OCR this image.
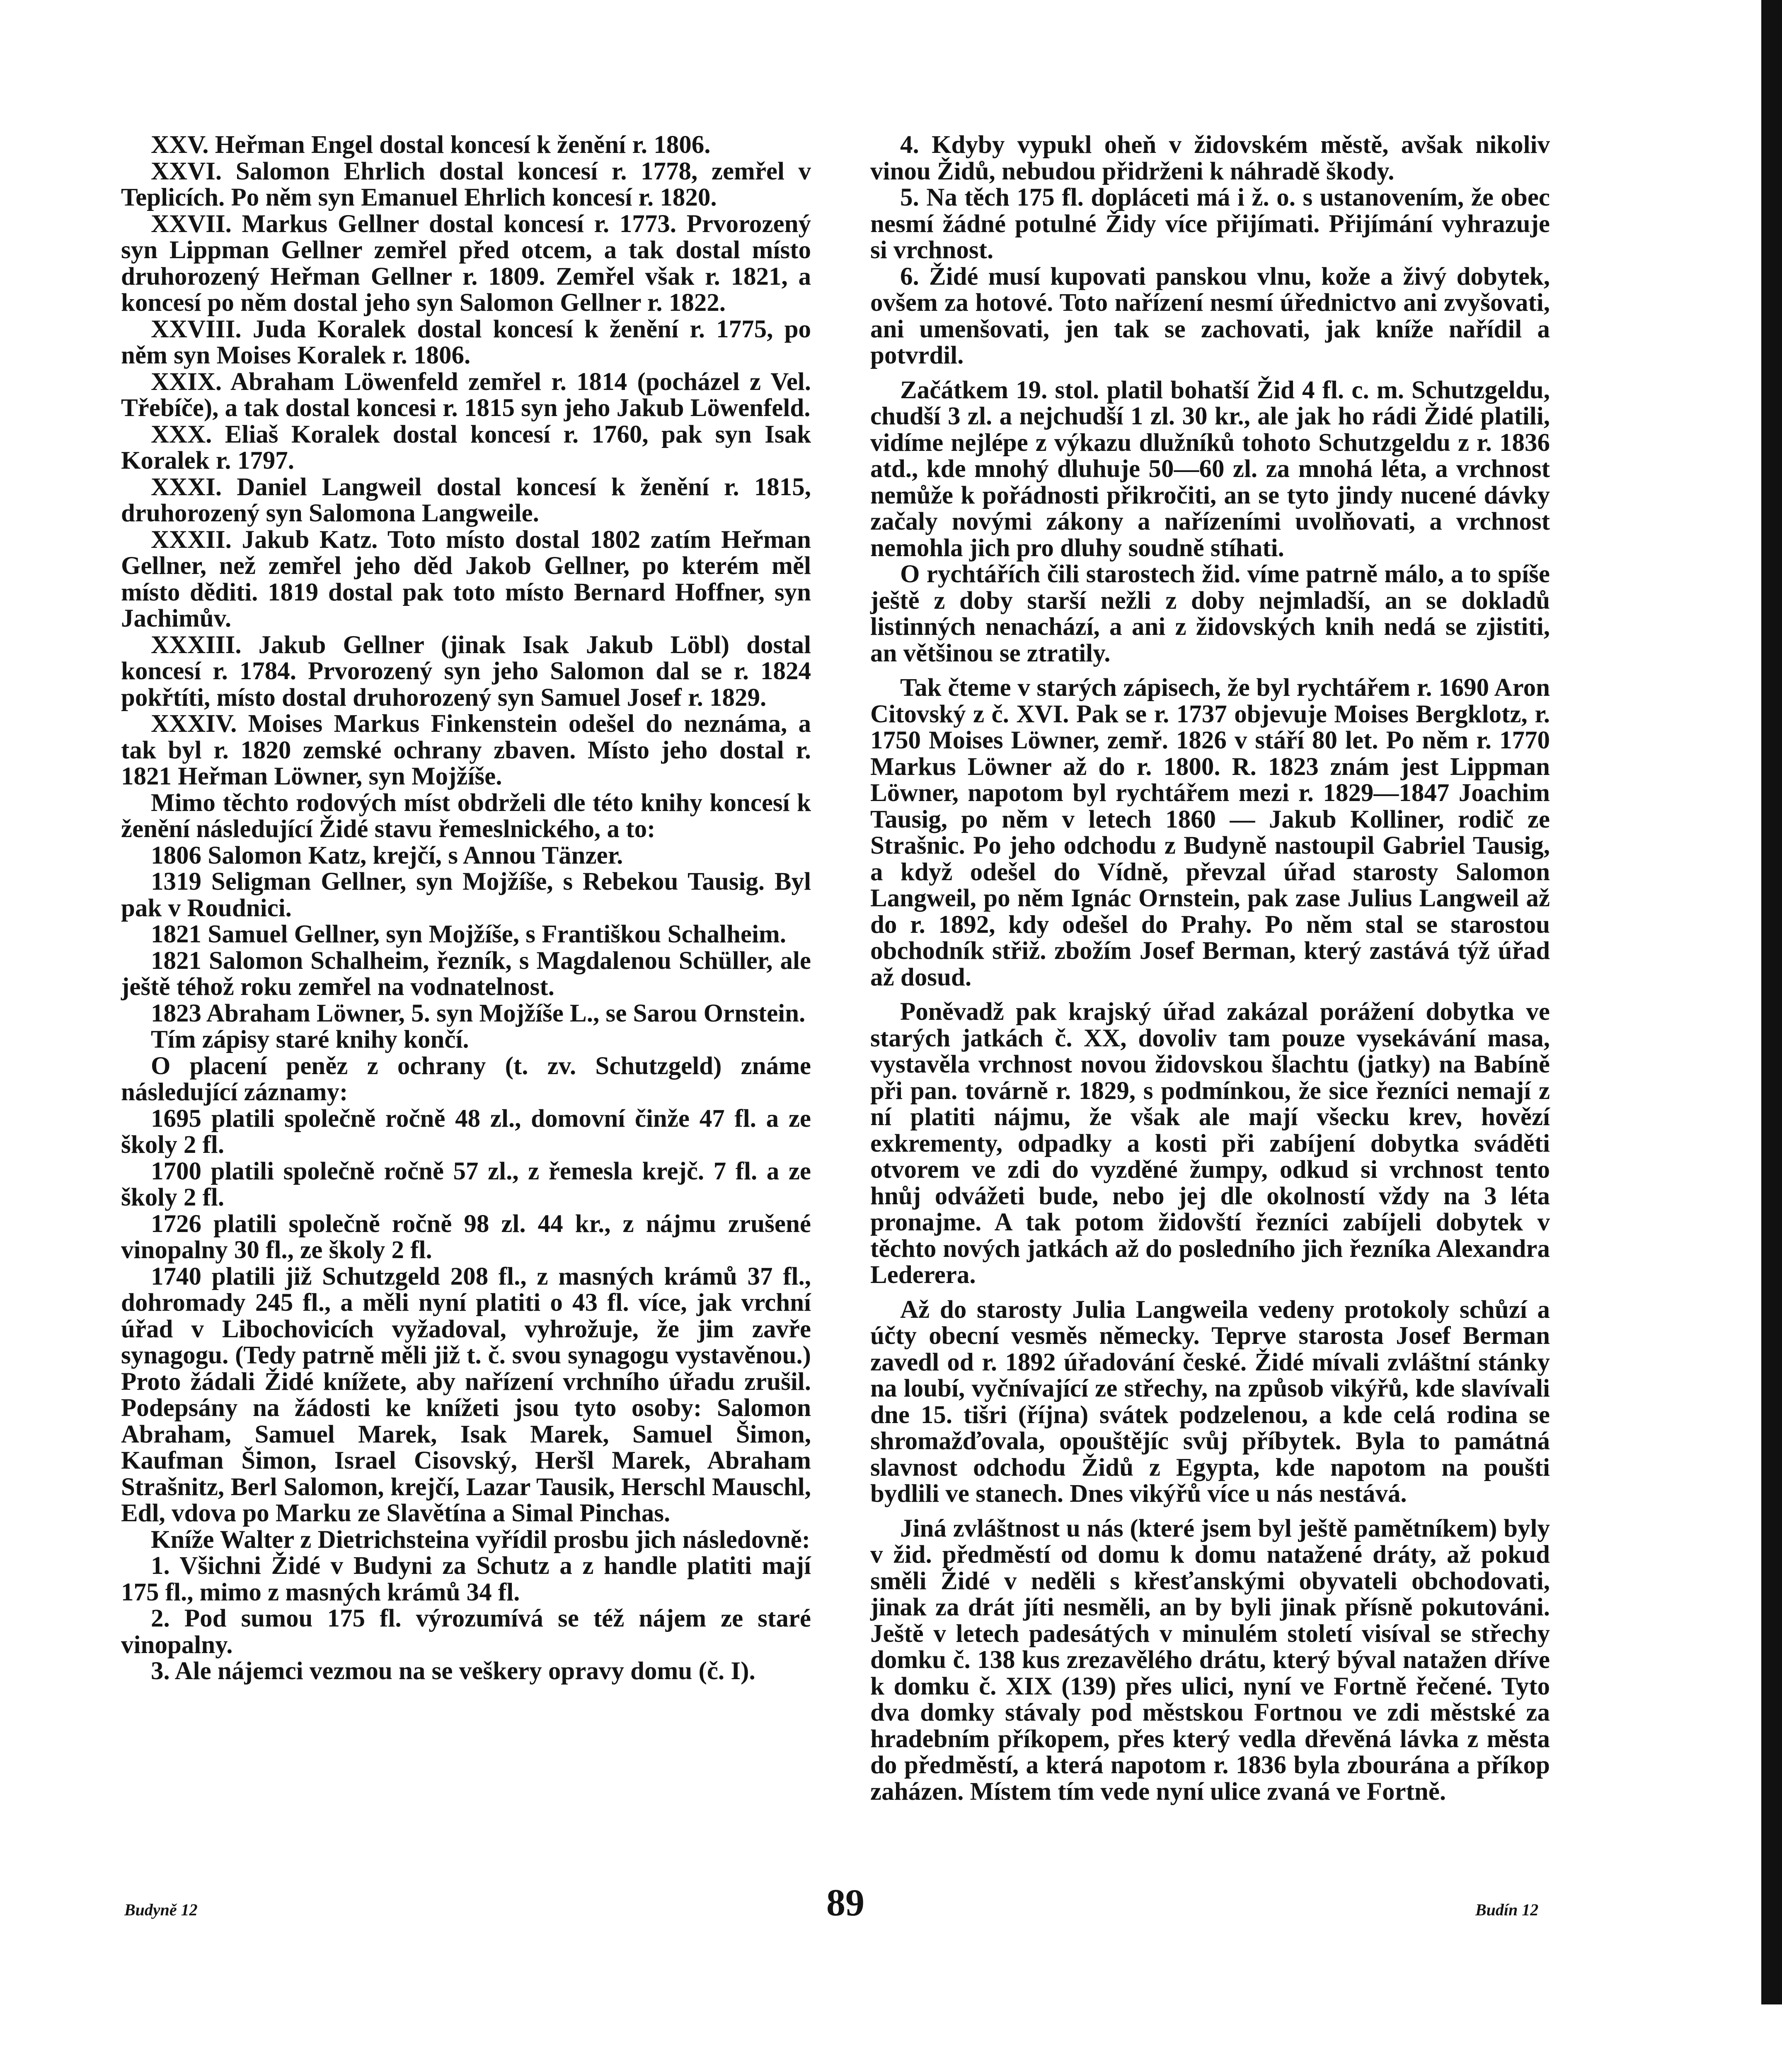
XXV. Heřman Engel dostal koncesí k ženění r. 1806.

XXVI. Salomon Ehrlich dostal koncesí r. 1778, zemřel v Teplicích. Po něm syn Emanuel Ehrlich koncesí r. 1820.

XXVII. Markus Gellner dostal koncesí r. 1773. Prvorozený syn Lippman Gellner zemřel před otcem, a tak dostal místo druhorozený Heřman Gellner r. 1809. Zemřel však r. 1821, a koncesí po něm dostal jeho syn Salomon Gellner r. 1822.

XXVIII. Juda Koralek dostal koncesí k ženění r. 1775, po něm syn Moises Koralek r. 1806.

XXIX. Abraham Löwenfeld zemřel r. 1814 (pocházel z Vel. Třebíče), a tak dostal koncesi r. 1815 syn jeho Jakub Löwenfeld.

XXX. Eliaš Koralek dostal koncesí r. 1760, pak syn Isak Koralek r. 1797.

XXXI. Daniel Langweil dostal koncesí k ženění r. 1815, druhorozený syn Salomona Langweile.

XXXII. Jakub Katz. Toto místo dostal 1802 zatím Heřman Gellner, než zemřel jeho děd Jakob Gellner, po kterém měl místo děditi. 1819 dostal pak toto místo Bernard Hoffner, syn Jachimův.

XXXIII. Jakub Gellner (jinak Isak Jakub Löbl) dostal koncesí r. 1784. Prvorozený syn jeho Salomon dal se r. 1824 pokřtíti, místo dostal druhorozený syn Samuel Josef r. 1829.

XXXIV. Moises Markus Finkenstein odešel do neznáma, a tak byl r. 1820 zemské ochrany zbaven. Místo jeho dostal r. 1821 Heřman Löwner, syn Mojžíše.

Mimo těchto rodových míst obdrželi dle této knihy koncesí k ženění následující Židé stavu řemeslnického, a to:

1806 Salomon Katz, krejčí, s Annou Tänzer.

1319 Seligman Gellner, syn Mojžíše, s Rebekou Tausig. Byl pak v Roudnici.

1821 Samuel Gellner, syn Mojžíše, s Františkou Schalheim.

1821 Salomon Schalheim, řezník, s Magdalenou Schüller, ale ještě téhož roku zemřel na vodnatelnost.

1823 Abraham Löwner, 5. syn Mojžíše L., se Sarou Ornstein.

Tím zápisy staré knihy končí.

O placení peněz z ochrany (t. zv. Schutzgeld) známe následující záznamy:

1695 platili společně ročně 48 zl., domovní činže 47 fl. a ze školy 2 fl.

1700 platili společně ročně 57 zl., z řemesla krejč. 7 fl. a ze školy 2 fl.

1726 platili společně ročně 98 zl. 44 kr., z nájmu zrušené vinopalny 30 fl., ze školy 2 fl.

1740 platili již Schutzgeld 208 fl., z masných krámů 37 fl., dohromady 245 fl., a měli nyní platiti o 43 fl. více, jak vrchní úřad v Libochovicích vyžadoval, vyhrožuje, že jim zavře synagogu. (Tedy patrně měli již t. č. svou synagogu vystavěnou.) Proto žádali Židé knížete, aby nařízení vrchního úřadu zrušil. Podepsány na žádosti ke knížeti jsou tyto osoby: Salomon Abraham, Samuel Marek, Isak Marek, Samuel Šimon, Kaufman Šimon, Israel Cisovský, Heršl Marek, Abraham Strašnitz, Berl Salomon, krejčí, Lazar Tausik, Herschl Mauschl, Edl, vdova po Marku ze Slavětína a Simal Pinchas.

Kníže Walter z Dietrichsteina vyřídil prosbu jich následovně:

1. Všichni Židé v Budyni za Schutz a z handle platiti mají 175 fl., mimo z masných krámů 34 fl.

2. Pod sumou 175 fl. výrozumívá se též nájem ze staré vinopalny.

3. Ale nájemci vezmou na se veškery opravy domu (č. I).

4. Kdyby vypukl oheň v židovském městě, avšak nikoliv vinou Židů, nebudou přidrženi k náhradě škody.

5. Na těch 175 fl. dopláceti má i ž. o. s ustanovením, že obec nesmí žádné potulné Židy více přijímati. Přijímání vyhrazuje si vrchnost.

6. Židé musí kupovati panskou vlnu, kože a živý dobytek, ovšem za hotové. Toto nařízení nesmí úřednictvo ani zvyšovati, ani umenšovati, jen tak se zachovati, jak kníže nařídil a potvrdil.

Začátkem 19. stol. platil bohatší Žid 4 fl. c. m. Schutzgeldu, chudší 3 zl. a nejchudší 1 zl. 30 kr., ale jak ho rádi Židé platili, vidíme nejlépe z výkazu dlužníků tohoto Schutzgeldu z r. 1836 atd., kde mnohý dluhuje 50—60 zl. za mnohá léta, a vrchnost nemůže k pořádnosti přikročiti, an se tyto jindy nucené dávky začaly novými zákony a nařízeními uvolňovati, a vrchnost nemohla jich pro dluhy soudně stíhati.

O rychtářích čili starostech žid. víme patrně málo, a to spíše ještě z doby starší nežli z doby nejmladší, an se dokladů listinných nenachází, a ani z židovských knih nedá se zjistiti, an většinou se ztratily.

Tak čteme v starých zápisech, že byl rychtářem r. 1690 Aron Citovský z č. XVI. Pak se r. 1737 objevuje Moises Bergklotz, r. 1750 Moises Löwner, zemř. 1826 v stáří 80 let. Po něm r. 1770 Markus Löwner až do r. 1800. R. 1823 znám jest Lippman Löwner, napotom byl rychtářem mezi r. 1829—1847 Joachim Tausig, po něm v letech 1860 — Jakub Kolliner, rodič ze Strašnic. Po jeho odchodu z Budyně nastoupil Gabriel Tausig, a když odešel do Vídně, převzal úřad starosty Salomon Langweil, po něm Ignác Ornstein, pak zase Julius Langweil až do r. 1892, kdy odešel do Prahy. Po něm stal se starostou obchodník střiž. zbožím Josef Berman, který zastává týž úřad až dosud.

Poněvadž pak krajský úřad zakázal porážení dobytka ve starých jatkách č. XX, dovoliv tam pouze vysekávání masa, vystavěla vrchnost novou židovskou šlachtu (jatky) na Babíně při pan. továrně r. 1829, s podmínkou, že sice řezníci nemají z ní platiti nájmu, že však ale mají všecku krev, hovězí exkrementy, odpadky a kosti při zabíjení dobytka sváděti otvorem ve zdi do vyzděné žumpy, odkud si vrchnost tento hnůj odvážeti bude, nebo jej dle okolností vždy na 3 léta pronajme. A tak potom židovští řezníci zabíjeli dobytek v těchto nových jatkách až do posledního jich řezníka Alexandra Lederera.

Až do starosty Julia Langweila vedeny protokoly schůzí a účty obecní vesměs německy. Teprve starosta Josef Berman zavedl od r. 1892 úřadování české. Židé mívali zvláštní stánky na loubí, vyčnívající ze střechy, na způsob vikýřů, kde slavívali dne 15. tišri (října) svátek podzelenou, a kde celá rodina se shromažďovala, opouštějíc svůj příbytek. Byla to památná slavnost odchodu Židů z Egypta, kde napotom na poušti bydlili ve stanech. Dnes vikýřů více u nás nestává.

Jiná zvláštnost u nás (které jsem byl ještě pamětníkem) byly v žid. předměstí od domu k domu natažené dráty, až pokud směli Židé v neděli s křesťanskými obyvateli obchodovati, jinak za drát jíti nesměli, an by byli jinak přísně pokutováni. Ještě v letech padesátých v minulém století visíval se střechy domku č. 138 kus zrezavělého drátu, který býval natažen dříve k domku č. XIX (139) přes ulici, nyní ve Fortně řečené. Tyto dva domky stávaly pod městskou Fortnou ve zdi městské za hradebním příkopem, přes který vedla dřevěná lávka z města do předměstí, a která napotom r. 1836 byla zbourána a příkop zaházen. Místem tím vede nyní ulice zvaná ve Fortně.

Budyně 12	89	Budín 12
